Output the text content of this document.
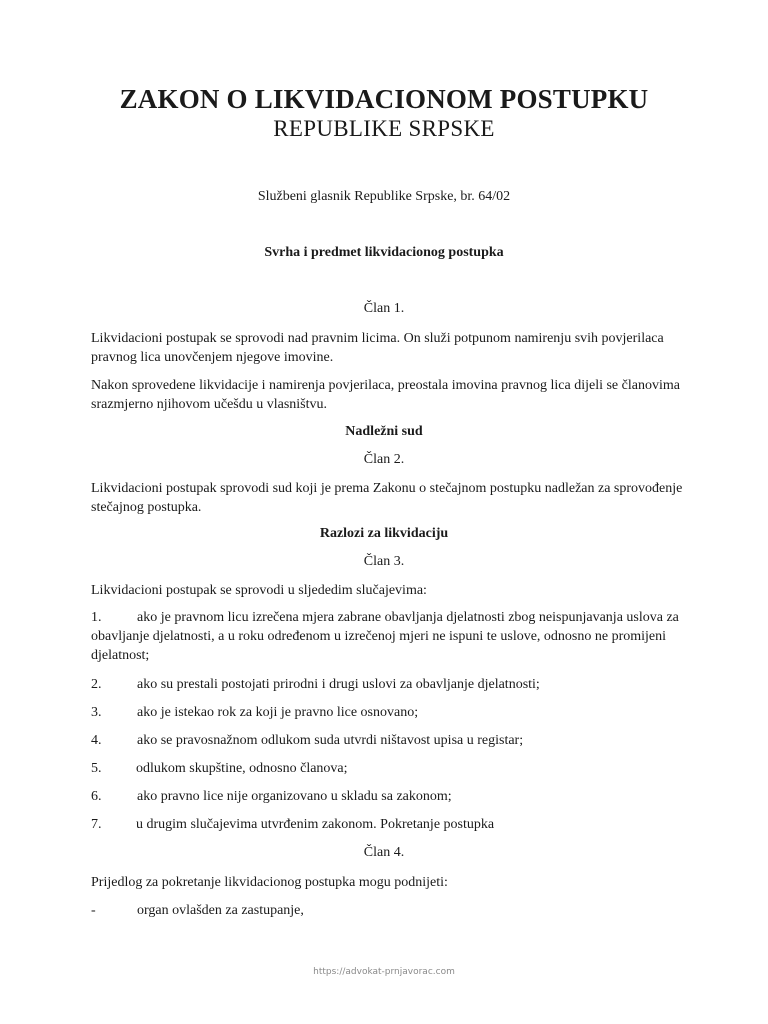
ZAKON O LIKVIDACIONOM POSTUPKU
REPUBLIKE SRPSKE
Službeni glasnik Republike Srpske, br. 64/02
Svrha i predmet likvidacionog postupka
Član 1.
Likvidacioni postupak se sprovodi nad pravnim licima. On služi potpunom namirenju svih povjerilaca pravnog lica unovčenjem njegove imovine.
Nakon sprovedene likvidacije i namirenja povjerilaca, preostala imovina pravnog lica dijeli se članovima srazmjerno njihovom učešdu u vlasništvu.
Nadležni sud
Član 2.
Likvidacioni postupak sprovodi sud koji je prema Zakonu o stečajnom postupku nadležan za sprovođenje stečajnog postupka.
Razlozi za likvidaciju
Član 3.
Likvidacioni postupak se sprovodi u sljededim slučajevima:
1.	ako je pravnom licu izrečena mjera zabrane obavljanja djelatnosti zbog neispunjavanja uslova za obavljanje djelatnosti, a u roku određenom u izrečenoj mjeri ne ispuni te uslove, odnosno ne promijeni djelatnost;
2.	ako su prestali postojati prirodni i drugi uslovi za obavljanje djelatnosti;
3.	ako je istekao rok za koji je pravno lice osnovano;
4.	ako se pravosnažnom odlukom suda utvrdi ništavost upisa u registar;
5.	odlukom skupštine, odnosno članova;
6.	ako pravno lice nije organizovano u skladu sa zakonom;
7.	u drugim slučajevima utvrđenim zakonom. Pokretanje postupka
Član 4.
Prijedlog za pokretanje likvidacionog postupka mogu podnijeti:
-	organ ovlašden za zastupanje,
https://advokat-prnjavorac.com
